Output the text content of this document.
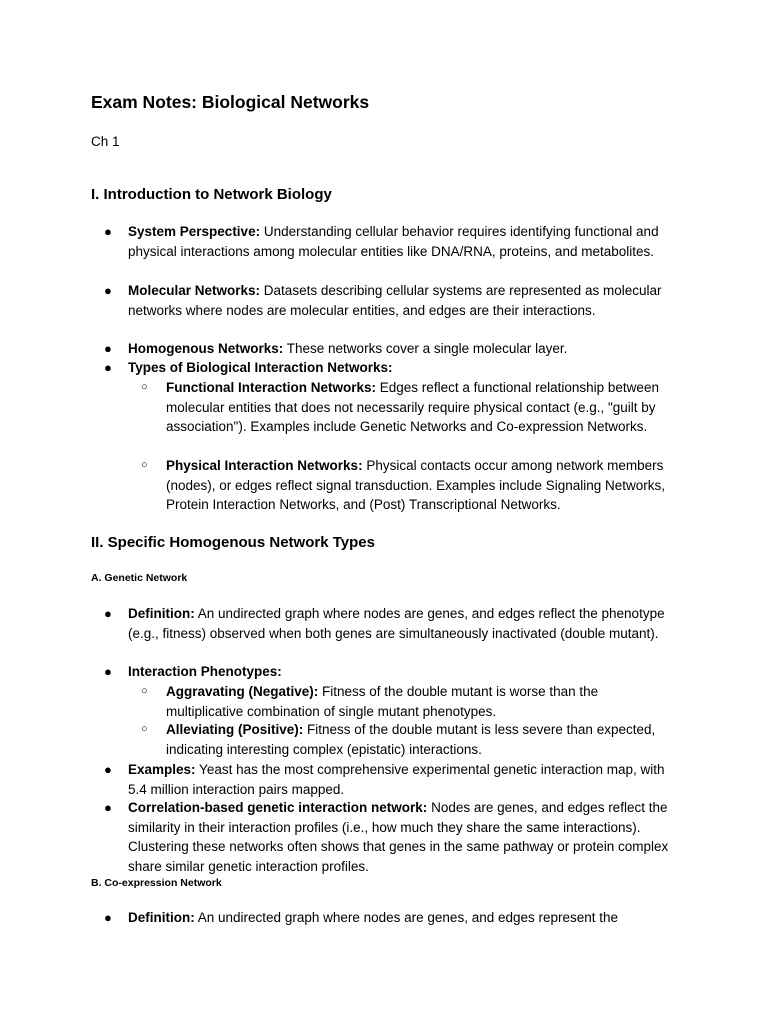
Exam Notes: Biological Networks
Ch 1
I. Introduction to Network Biology
● System Perspective: Understanding cellular behavior requires identifying functional and physical interactions among molecular entities like DNA/RNA, proteins, and metabolites.
● Molecular Networks: Datasets describing cellular systems are represented as molecular networks where nodes are molecular entities, and edges are their interactions.
● Homogenous Networks: These networks cover a single molecular layer.
● Types of Biological Interaction Networks:
○ Functional Interaction Networks: Edges reflect a functional relationship between molecular entities that does not necessarily require physical contact (e.g., "guilt by association"). Examples include Genetic Networks and Co-expression Networks.
○ Physical Interaction Networks: Physical contacts occur among network members (nodes), or edges reflect signal transduction. Examples include Signaling Networks, Protein Interaction Networks, and (Post) Transcriptional Networks.
II. Specific Homogenous Network Types
A. Genetic Network
● Definition: An undirected graph where nodes are genes, and edges reflect the phenotype (e.g., fitness) observed when both genes are simultaneously inactivated (double mutant).
● Interaction Phenotypes:
○ Aggravating (Negative): Fitness of the double mutant is worse than the multiplicative combination of single mutant phenotypes.
○ Alleviating (Positive): Fitness of the double mutant is less severe than expected, indicating interesting complex (epistatic) interactions.
● Examples: Yeast has the most comprehensive experimental genetic interaction map, with 5.4 million interaction pairs mapped.
● Correlation-based genetic interaction network: Nodes are genes, and edges reflect the similarity in their interaction profiles (i.e., how much they share the same interactions). Clustering these networks often shows that genes in the same pathway or protein complex share similar genetic interaction profiles.
B. Co-expression Network
● Definition: An undirected graph where nodes are genes, and edges represent the
